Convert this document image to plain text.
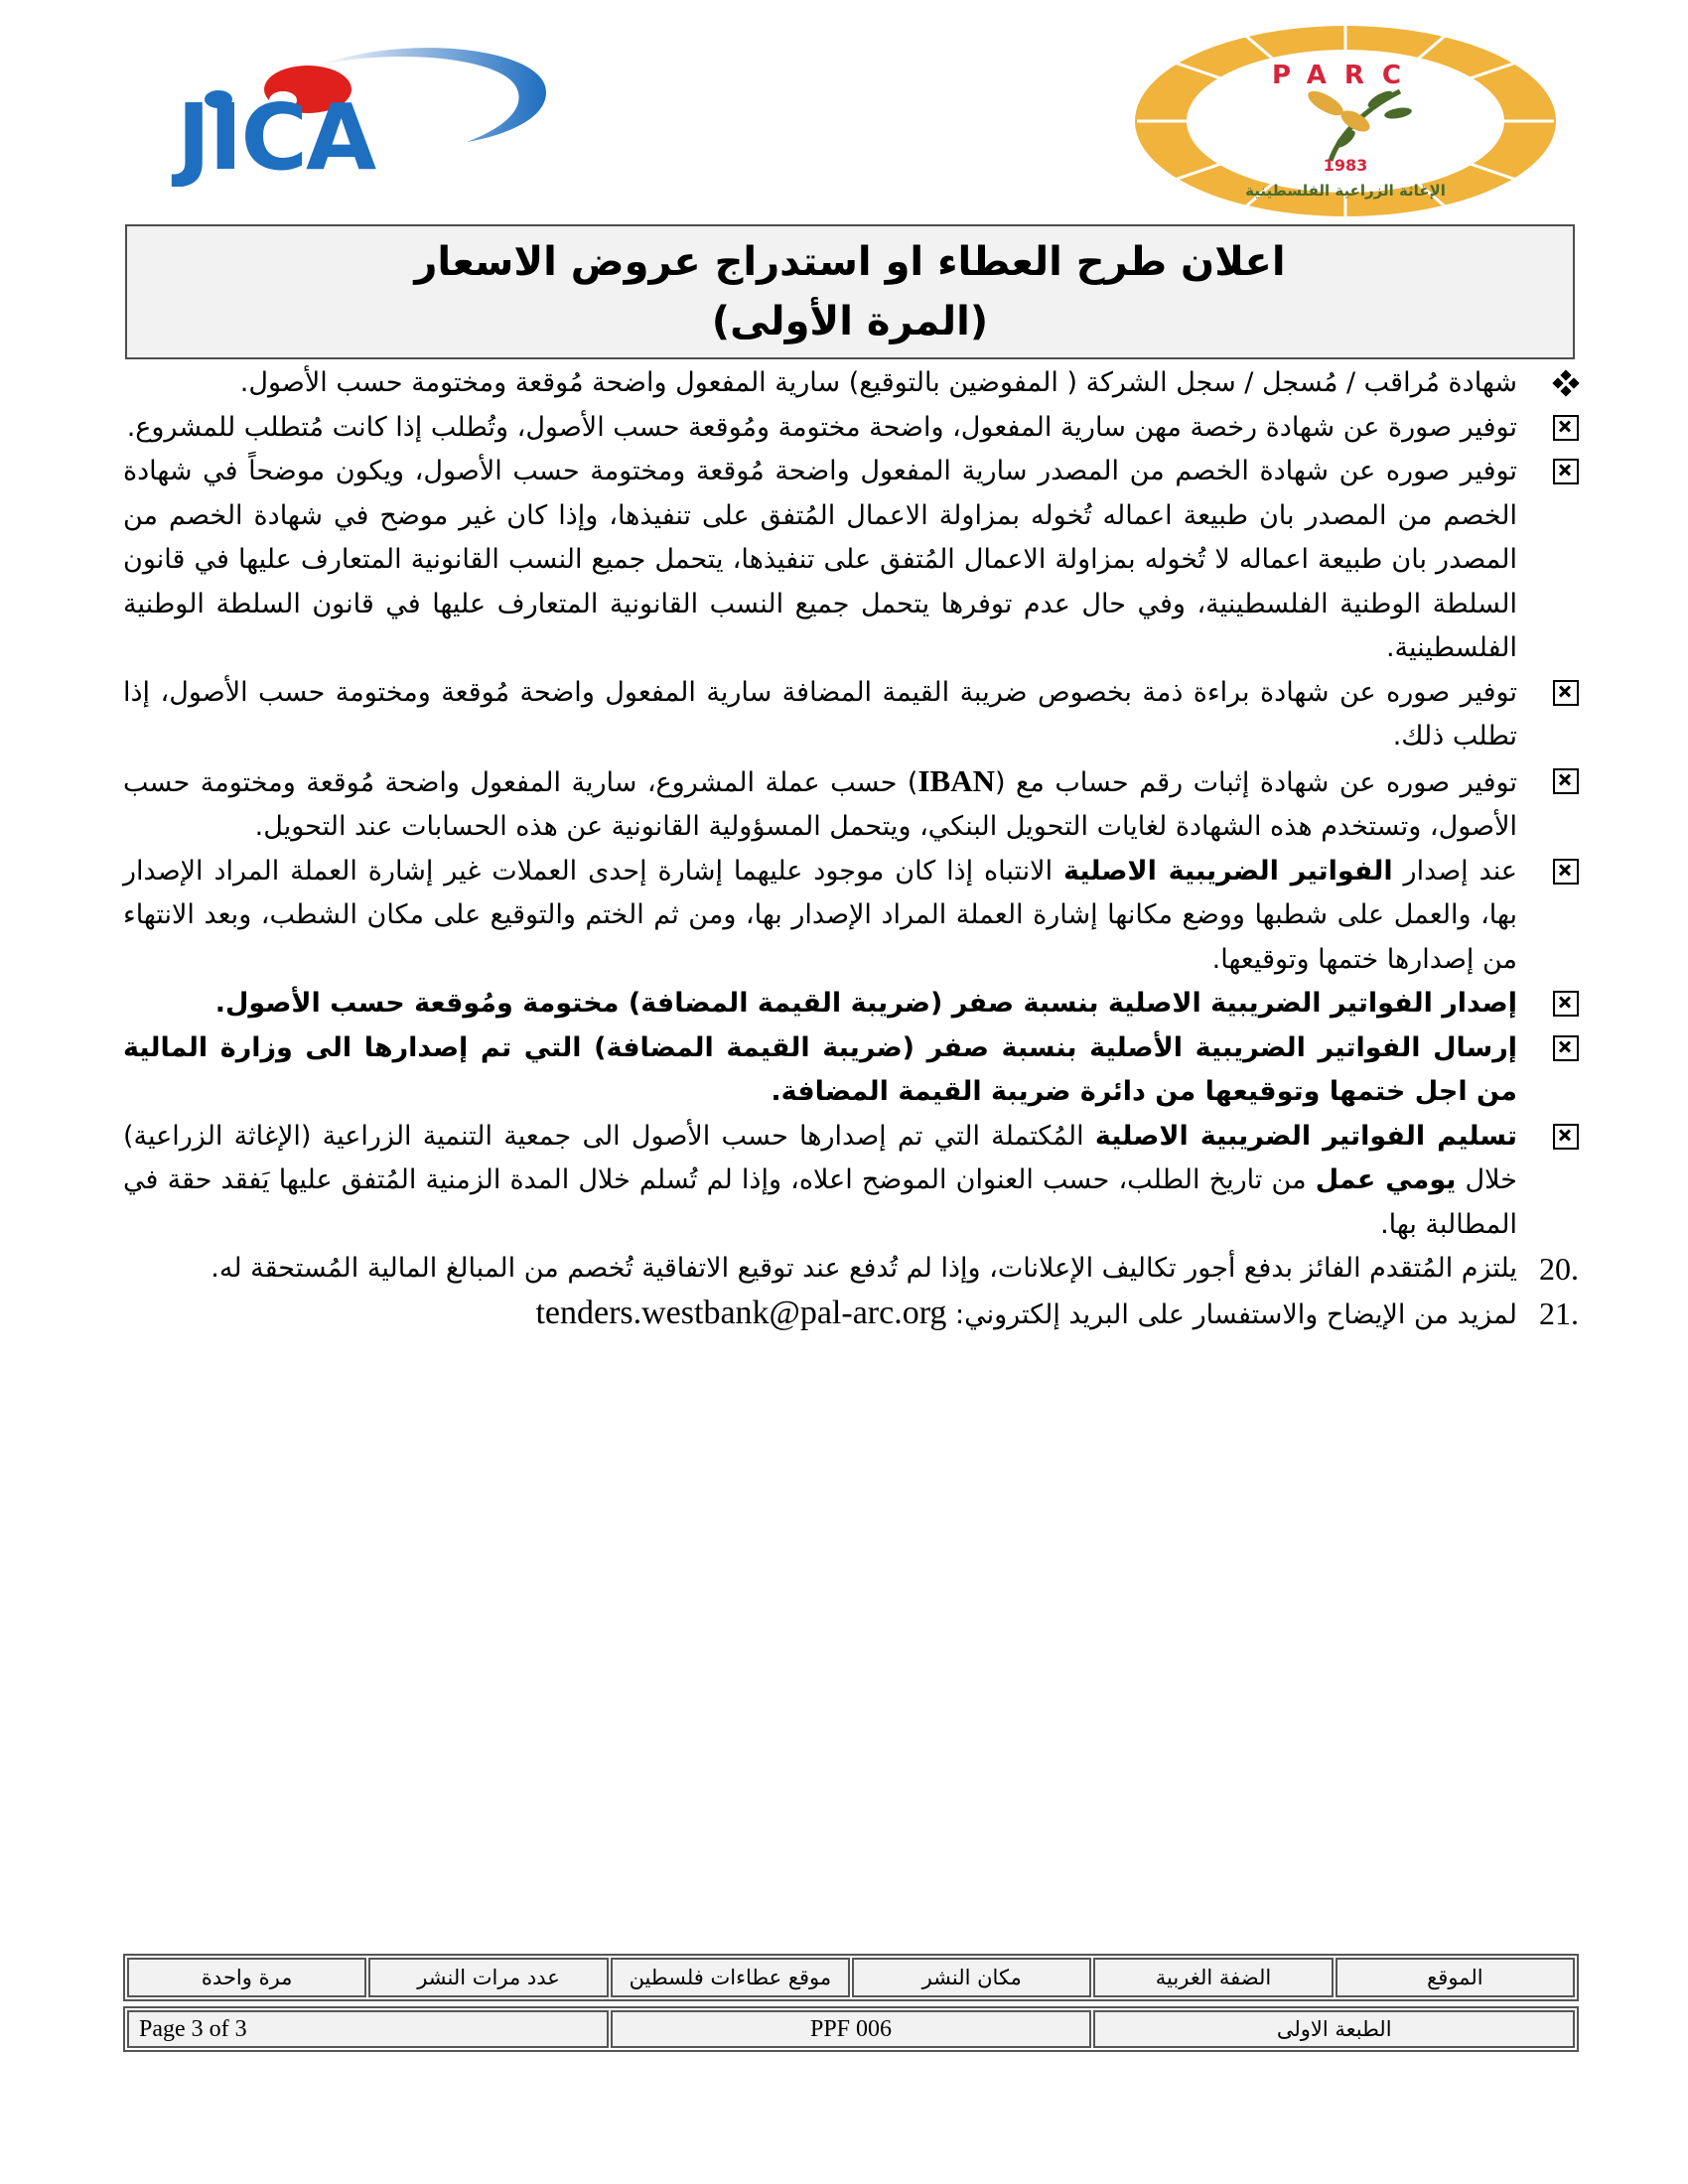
JICA
PARC
1983
الإغاثة الزراعية الفلسطينية
اعلان طرح العطاء او استدراج عروض الاسعار
(المرة الأولى)
شهادة مُراقب / مُسجل / سجل الشركة ( المفوضين بالتوقيع) سارية المفعول واضحة مُوقعة ومختومة حسب الأصول.
توفير صورة عن شهادة رخصة مهن سارية المفعول، واضحة مختومة ومُوقعة حسب الأصول، وتُطلب إذا كانت مُتطلب للمشروع.
توفير صوره عن شهادة الخصم من المصدر سارية المفعول واضحة مُوقعة ومختومة حسب الأصول، ويكون موضحاً في شهادة الخصم من المصدر بان طبيعة اعماله تُخوله بمزاولة الاعمال المُتفق على تنفيذها، وإذا كان غير موضح في شهادة الخصم من المصدر بان طبيعة اعماله لا تُخوله بمزاولة الاعمال المُتفق على تنفيذها، يتحمل جميع النسب القانونية المتعارف عليها في قانون السلطة الوطنية الفلسطينية، وفي حال عدم توفرها يتحمل جميع النسب القانونية المتعارف عليها في قانون السلطة الوطنية الفلسطينية.
توفير صوره عن شهادة براءة ذمة بخصوص ضريبة القيمة المضافة سارية المفعول واضحة مُوقعة ومختومة حسب الأصول، إذا تطلب ذلك.
توفير صوره عن شهادة إثبات رقم حساب مع (IBAN) حسب عملة المشروع، سارية المفعول واضحة مُوقعة ومختومة حسب الأصول، وتستخدم هذه الشهادة لغايات التحويل البنكي، ويتحمل المسؤولية القانونية عن هذه الحسابات عند التحويل.
عند إصدار الفواتير الضريبية الاصلية الانتباه إذا كان موجود عليهما إشارة إحدى العملات غير إشارة العملة المراد الإصدار بها، والعمل على شطبها ووضع مكانها إشارة العملة المراد الإصدار بها، ومن ثم الختم والتوقيع على مكان الشطب، وبعد الانتهاء من إصدارها ختمها وتوقيعها.
إصدار الفواتير الضريبية الاصلية بنسبة صفر (ضريبة القيمة المضافة) مختومة ومُوقعة حسب الأصول.
إرسال الفواتير الضريبية الأصلية بنسبة صفر (ضريبة القيمة المضافة) التي تم إصدارها الى وزارة المالية من اجل ختمها وتوقيعها من دائرة ضريبة القيمة المضافة.
تسليم الفواتير الضريبية الاصلية المُكتملة التي تم إصدارها حسب الأصول الى جمعية التنمية الزراعية (الإغاثة الزراعية) خلال يومي عمل من تاريخ الطلب، حسب العنوان الموضح اعلاه، وإذا لم تُسلم خلال المدة الزمنية المُتفق عليها يَفقد حقة في المطالبة بها.
20.
يلتزم المُتقدم الفائز بدفع أجور تكاليف الإعلانات، وإذا لم تُدفع عند توقيع الاتفاقية تُخصم من المبالغ المالية المُستحقة له.
21.
لمزيد من الإيضاح والاستفسار على البريد إلكتروني: tenders.westbank@pal-arc.org
الموقع	الضفة الغربية	مكان النشر	موقع عطاءات فلسطين	عدد مرات النشر	مرة واحدة
الطبعة الاولى	PPF 006	Page 3 of 3
